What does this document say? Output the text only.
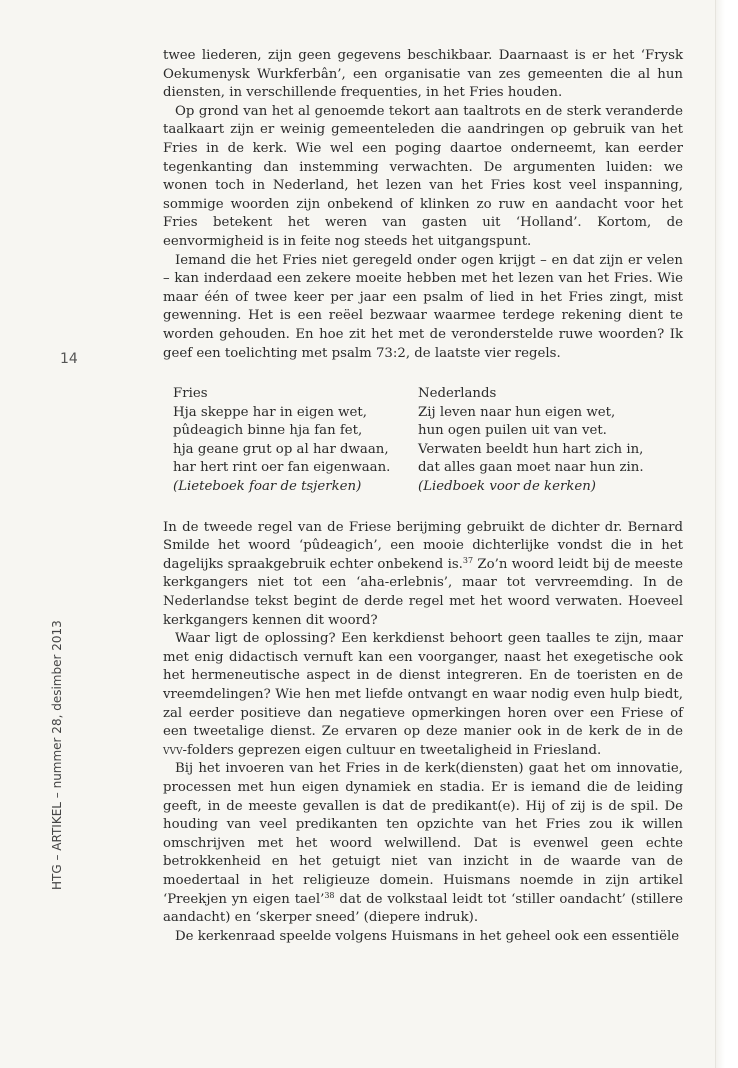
14
HTG – ARTIKEL – nummer 28, desimber 2013

twee liederen, zijn geen gegevens beschikbaar. Daarnaast is er het ‘Frysk Oekumenysk Wurkferbân’, een organisatie van zes gemeenten die al hun diensten, in verschillende frequenties, in het Fries houden.

Op grond van het al genoemde tekort aan taaltrots en de sterk veranderde taalkaart zijn er weinig gemeenteleden die aandringen op gebruik van het Fries in de kerk. Wie wel een poging daartoe onderneemt, kan eerder tegenkanting dan instemming verwachten. De argumenten luiden: we wonen toch in Nederland, het lezen van het Fries kost veel inspanning, sommige woorden zijn onbekend of klinken zo ruw en aandacht voor het Fries betekent het weren van gasten uit ‘Holland’. Kortom, de eenvormigheid is in feite nog steeds het uitgangspunt.

Iemand die het Fries niet geregeld onder ogen krijgt – en dat zijn er velen – kan inderdaad een zekere moeite hebben met het lezen van het Fries. Wie maar één of twee keer per jaar een psalm of lied in het Fries zingt, mist gewenning. Het is een reëel bezwaar waarmee terdege rekening dient te worden gehouden. En hoe zit het met de veronderstelde ruwe woorden? Ik geef een toelichting met psalm 73:2, de laatste vier regels.

Fries
Hja skeppe har in eigen wet,
pûdeagich binne hja fan fet,
hja geane grut op al har dwaan,
har hert rint oer fan eigenwaan.
(Lieteboek foar de tsjerken)
Nederlands
Zij leven naar hun eigen wet,
hun ogen puilen uit van vet.
Verwaten beeldt hun hart zich in,
dat alles gaan moet naar hun zin.
(Liedboek voor de kerken)

In de tweede regel van de Friese berijming gebruikt de dichter dr. Bernard Smilde het woord ‘pûdeagich’, een mooie dichterlijke vondst die in het dagelijks spraakgebruik echter onbekend is.$^{37}$ Zo’n woord leidt bij de meeste kerkgangers niet tot een ‘aha-erlebnis’, maar tot vervreemding. In de Nederlandse tekst begint de derde regel met het woord verwaten. Hoeveel kerkgangers kennen dit woord?

Waar ligt de oplossing? Een kerkdienst behoort geen taalles te zijn, maar met enig didactisch vernuft kan een voorganger, naast het exegetische ook het hermeneutische aspect in de dienst integreren. En de toeristen en de vreemdelingen? Wie hen met liefde ontvangt en waar nodig even hulp biedt, zal eerder positieve dan negatieve opmerkingen horen over een Friese of een tweetalige dienst. Ze ervaren op deze manier ook in de kerk de in de vvv-folders geprezen eigen cultuur en tweetaligheid in Friesland.

Bij het invoeren van het Fries in de kerk(diensten) gaat het om innovatie, processen met hun eigen dynamiek en stadia. Er is iemand die de leiding geeft, in de meeste gevallen is dat de predikant(e). Hij of zij is de spil. De houding van veel predikanten ten opzichte van het Fries zou ik willen omschrijven met het woord welwillend. Dat is evenwel geen echte betrokkenheid en het getuigt niet van inzicht in de waarde van de moedertaal in het religieuze domein. Huismans noemde in zijn artikel ‘Preekjen yn eigen tael’$^{38}$ dat de volkstaal leidt tot ‘stiller oandacht’ (stillere aandacht) en ‘skerper sneed’ (diepere indruk).

De kerkenraad speelde volgens Huismans in het geheel ook een essentiële
